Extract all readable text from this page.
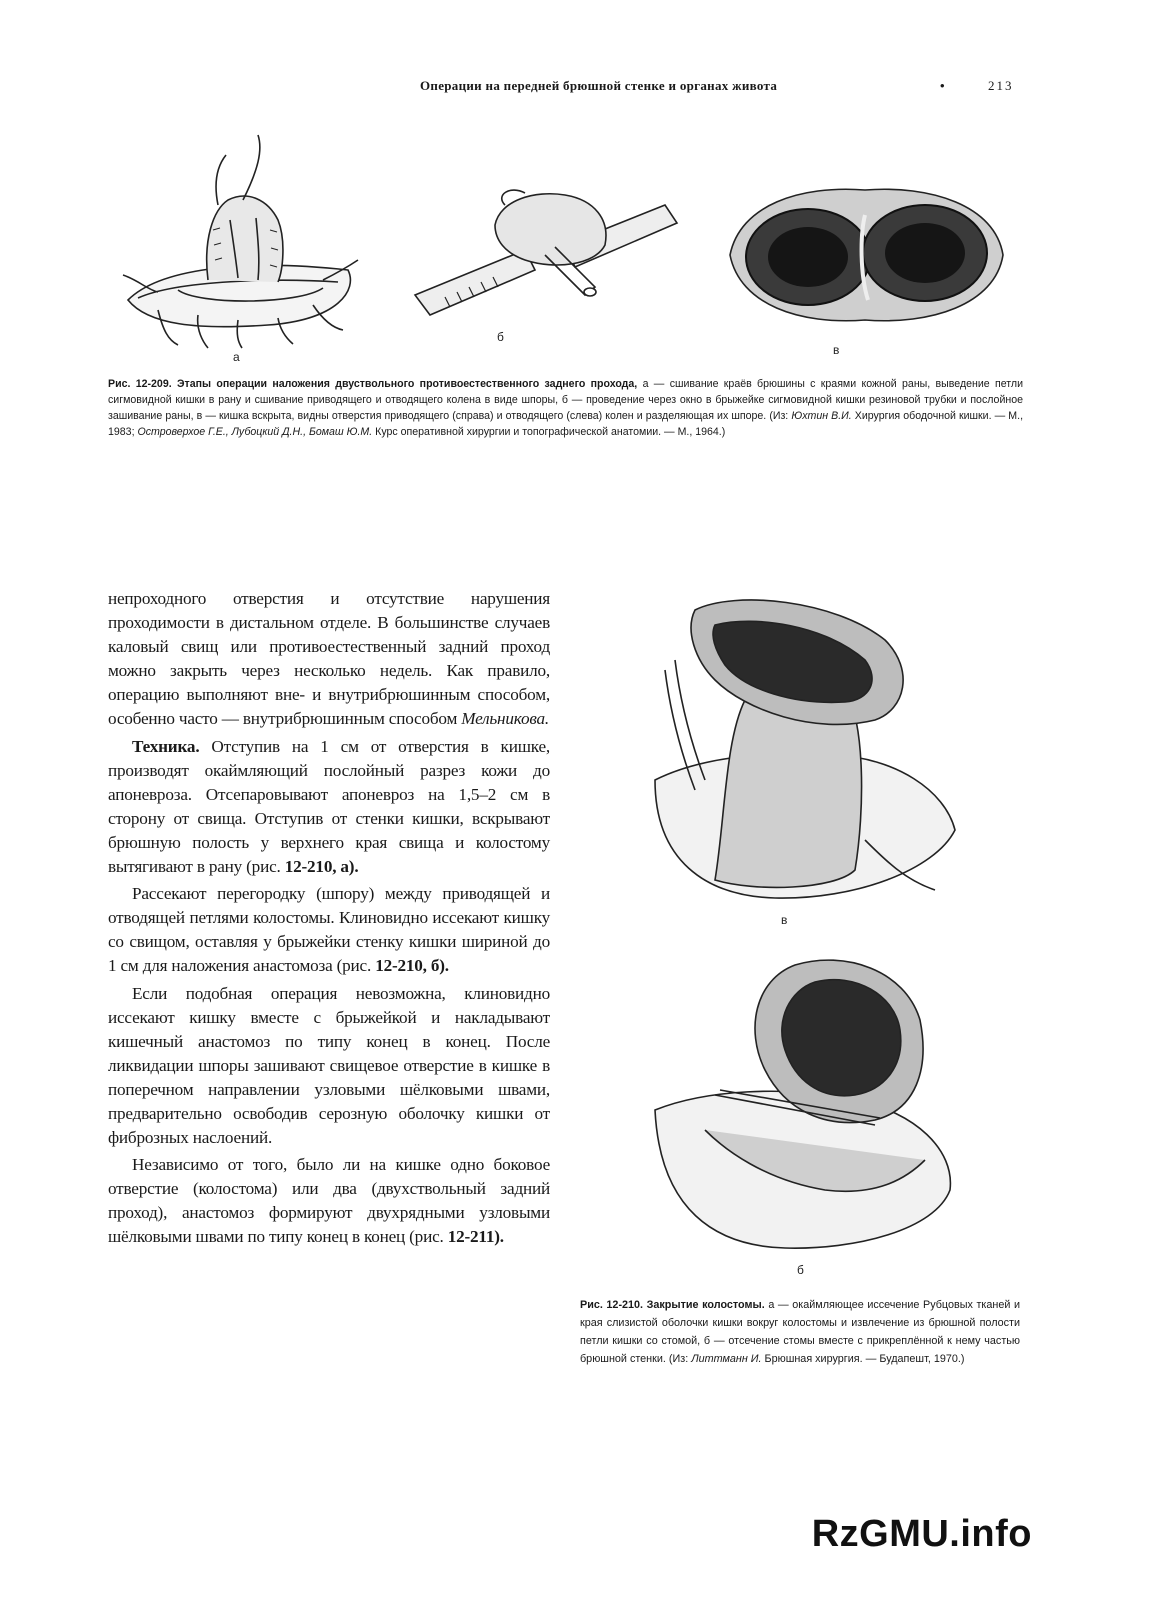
Операции на передней брюшной стенке и органах живота	•	213
а
б
в
Рис. 12-209. Этапы операции наложения двуствольного противоестественного заднего прохода, а — сшивание краёв брюшины с краями кожной раны, выведение петли сигмовидной кишки в рану и сшивание приводящего и отводящего колена в виде шпоры, б — проведение через окно в брыжейке сигмовидной кишки резиновой трубки и послойное зашивание раны, в — кишка вскрыта, видны отверстия приводящего (справа) и отводящего (слева) колен и разделяющая их шпоре. (Из: Юхтин В.И. Хирургия ободочной кишки. — М., 1983; Островерхое Г.Е., Лубоцкий Д.Н., Бомаш Ю.М. Курс оперативной хирургии и топографической анатомии. — М., 1964.)

непроходного отверстия и отсутствие нарушения проходимости в дистальном отделе. В большинстве случаев каловый свищ или противоестественный задний проход можно закрыть через несколько недель. Как правило, операцию выполняют вне- и внутрибрюшинным способом, особенно часто — внутрибрюшинным способом Мельникова.

Техника. Отступив на 1 см от отверстия в кишке, производят окаймляющий послойный разрез кожи до апоневроза. Отсепаровывают апоневроз на 1,5–2 см в сторону от свища. Отступив от стенки кишки, вскрывают брюшную полость у верхнего края свища и колостому вытягивают в рану (рис. 12-210, а).

Рассекают перегородку (шпору) между приводящей и отводящей петлями колостомы. Клиновидно иссекают кишку со свищом, оставляя у брыжейки стенку кишки шириной до 1 см для наложения анастомоза (рис. 12-210, б).

Если подобная операция невозможна, клиновидно иссекают кишку вместе с брыжейкой и накладывают кишечный анастомоз по типу конец в конец. После ликвидации шпоры зашивают свищевое отверстие в кишке в поперечном направлении узловыми шёлковыми швами, предварительно освободив серозную оболочку кишки от фиброзных наслоений.

Независимо от того, было ли на кишке одно боковое отверстие (колостома) или два (двуxствольный задний проход), анастомоз формируют двухрядными узловыми шёлковыми швами по типу конец в конец (рис. 12-211).

в
б
Рис. 12-210. Закрытие колостомы. а — окаймляющее иссечение Рубцовых тканей и края слизистой оболочки кишки вокруг колостомы и извлечение из брюшной полости петли кишки со стомой, б — отсечение стомы вместе с прикреплённой к нему частью брюшной стенки. (Из: Литтманн И. Брюшная хирургия. — Будапешт, 1970.)
RzGMU.info
